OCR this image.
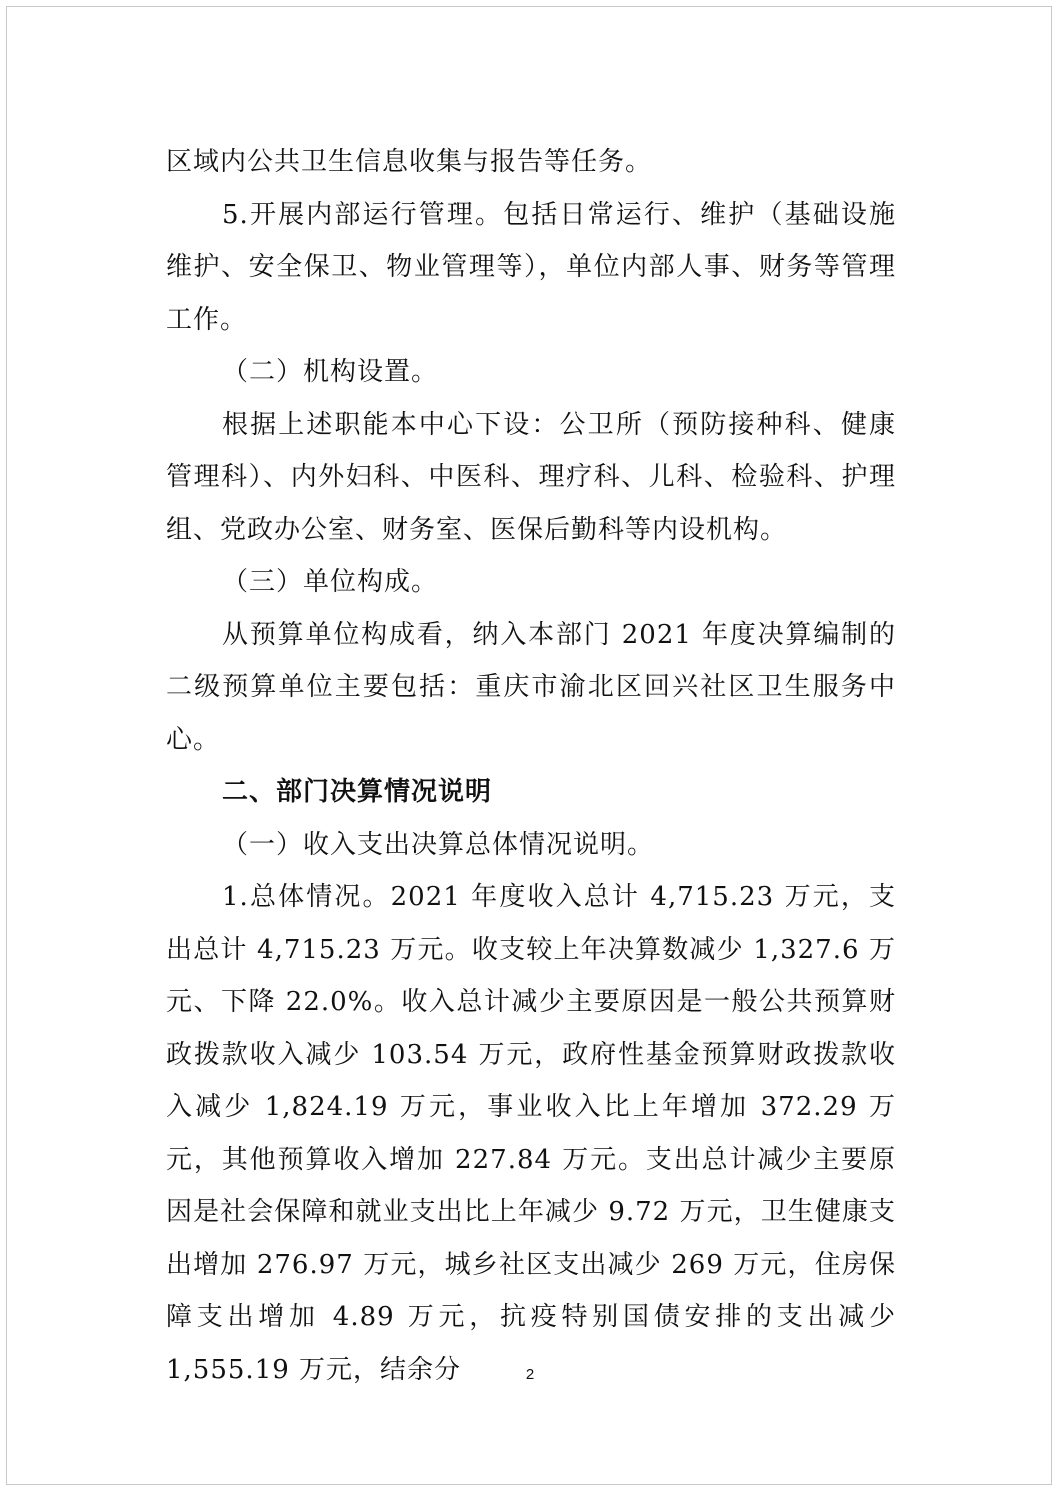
区域内公共卫生信息收集与报告等任务。

5.开展内部运行管理。包括日常运行、维护（基础设施维护、安全保卫、物业管理等），单位内部人事、财务等管理工作。

（二）机构设置。

根据上述职能本中心下设：公卫所（预防接种科、健康管理科）、内外妇科、中医科、理疗科、儿科、检验科、护理组、党政办公室、财务室、医保后勤科等内设机构。

（三）单位构成。

从预算单位构成看，纳入本部门 2021 年度决算编制的二级预算单位主要包括：重庆市渝北区回兴社区卫生服务中心。

二、部门决算情况说明

（一）收入支出决算总体情况说明。

1.总体情况。2021 年度收入总计 4,715.23 万元，支出总计 4,715.23 万元。收支较上年决算数减少 1,327.6 万元、下降 22.0%。收入总计减少主要原因是一般公共预算财政拨款收入减少 103.54 万元，政府性基金预算财政拨款收入减少 1,824.19 万元，事业收入比上年增加 372.29 万元，其他预算收入增加 227.84 万元。支出总计减少主要原因是社会保障和就业支出比上年减少 9.72 万元，卫生健康支出增加 276.97 万元，城乡社区支出减少 269 万元，住房保障支出增加 4.89 万元，抗疫特别国债安排的支出减少 1,555.19 万元，结余分	2
